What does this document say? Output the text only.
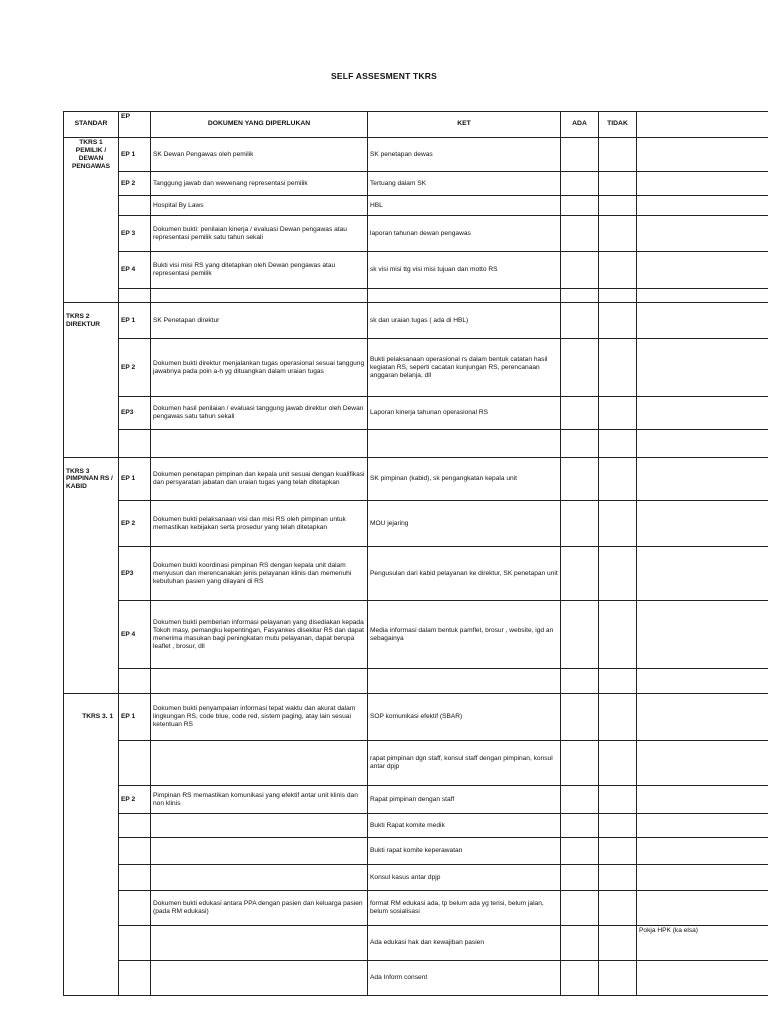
SELF ASSESMENT TKRS
STANDAR	EP	DOKUMEN YANG DIPERLUKAN	KET	ADA	TIDAK	
TKRS 1 PEMILIK / DEWAN PENGAWAS	EP 1	SK Dewan Pengawas oleh pemilik	SK penetapan dewas			

	EP 2	Tanggung jawab dan wewenang representasi pemilik	Tertuang dalam SK			

		Hospital By Laws	HBL			

	EP 3	Dokumen bukti: penilaian kinerja / evaluasi Dewan pengawas atau representasi pemilik satu tahun sekali	laporan tahunan dewan pengawas			

	EP 4	Bukti visi misi RS yang ditetapkan oleh Dewan pengawas atau representasi pemilik	sk visi misi ttg visi misi tujuan dan motto RS			

TKRS 2 DIREKTUR	EP 1	SK Penetapan direktur	sk dan uraian tugas ( ada di HBL)			

	EP 2	Dokumen bukti direktur menjalankan tugas operasional sesuai tanggung jawabnya pada poin a-h yg dituangkan dalam uraian tugas	Bukti pelaksanaan operasional rs dalam bentuk catatan hasil kegiatan RS, seperti cacatan kunjungan RS, perencanaan anggaran belanja, dll			

	EP3	Dokumen hasil penilaian / evaluasi tanggung jawab direktur oleh Dewan pengawas satu tahun sekali	Laporan kinerja tahunan operasional RS			

TKRS 3 PIMPINAN RS / KABID	EP 1	Dokumen penetapan pimpinan dan kepala unit sesuai dengan kualifikasi dan persyaratan jabatan dan uraian tugas yang telah ditetapkan	SK pimpinan (kabid), sk pengangkatan kepala unit			

	EP 2	Dokumen bukti pelaksanaan visi dan misi RS oleh pimpinan untuk memastikan kebijakan serta prosedur yang telah ditetapkan	MOU jejaring			

	EP3	Dokumen bukti koordinasi pimpinan RS dengan kepala unit dalam menyusun dan merencanakan jenis pelayanan klinis dan memenuhi kebutuhan pasien yang dilayani di RS	Pengusulan dari kabid pelayanan ke direktur, SK penetapan unit			

	EP 4	Dokumen bukti pemberian informasi pelayanan yang disediakan kepada Tokoh masy, pemangku kepentingan, Fasyankes disekitar RS dan dapat menerima masukan bagi peningkatan mutu pelayanan, dapat berupa leaflet , brosur, dll	Media informasi dalam bentuk pamflet, brosur , website, igd an sebagainya			

TKRS 3. 1	EP 1	Dokumen bukti penyampaian informasi tepat waktu dan akurat dalam lingkungan RS, code blue, code red, sistem paging, atay lain sesuai ketentuan RS	SOP komunikasi efektif (SBAR)			

			rapat pimpinan dgn staff, konsul staff dengan pimpinan, konsul antar dpjp			

	EP 2	Pimpinan RS memastikan komunikasi yang efektif antar unit klinis dan non klinis	Rapat pimpinan dengan staff			

			Bukti Rapat komite medik			

			Bukti rapat komite keperawatan			

			Konsul kasus antar dpjp			

		Dokumen bukti edukasi antara PPA dengan pasien dan keluarga pasien (pada RM edukasi)	format RM edukasi ada, tp belum ada yg terisi, belum jalan, belum sosialisasi			

			Ada edukasi hak dan kewajiban pasien			Pokja HPK (ka elsa)

			Ada Inform consent			
